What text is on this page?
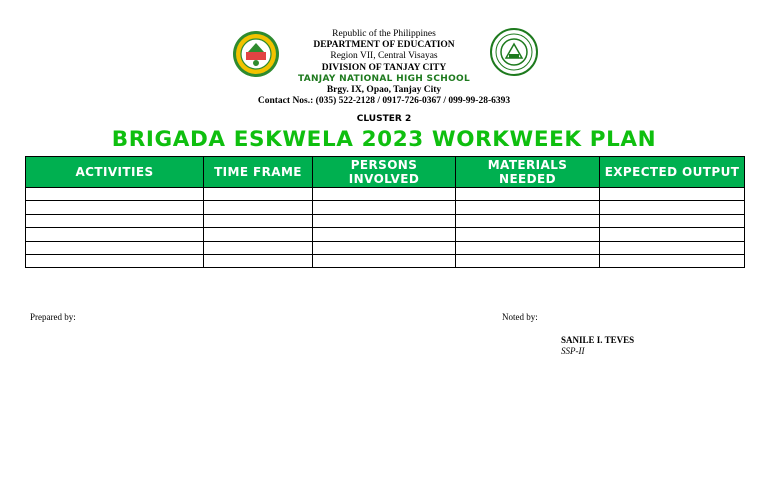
Republic of the Philippines
DEPARTMENT OF EDUCATION
Region VII, Central Visayas
DIVISION OF TANJAY CITY
TANJAY NATIONAL HIGH SCHOOL
Brgy. IX, Opao, Tanjay City
Contact Nos.: (035) 522-2128 / 0917-726-0367 / 099-99-28-6393
CLUSTER 2
BRIGADA ESKWELA 2023 WORKWEEK PLAN
ACTIVITIES	TIME FRAME	PERSONS INVOLVED	MATERIALS NEEDED	EXPECTED OUTPUT

Prepared by:	Noted by:
SANILE I. TEVES
SSP-II
